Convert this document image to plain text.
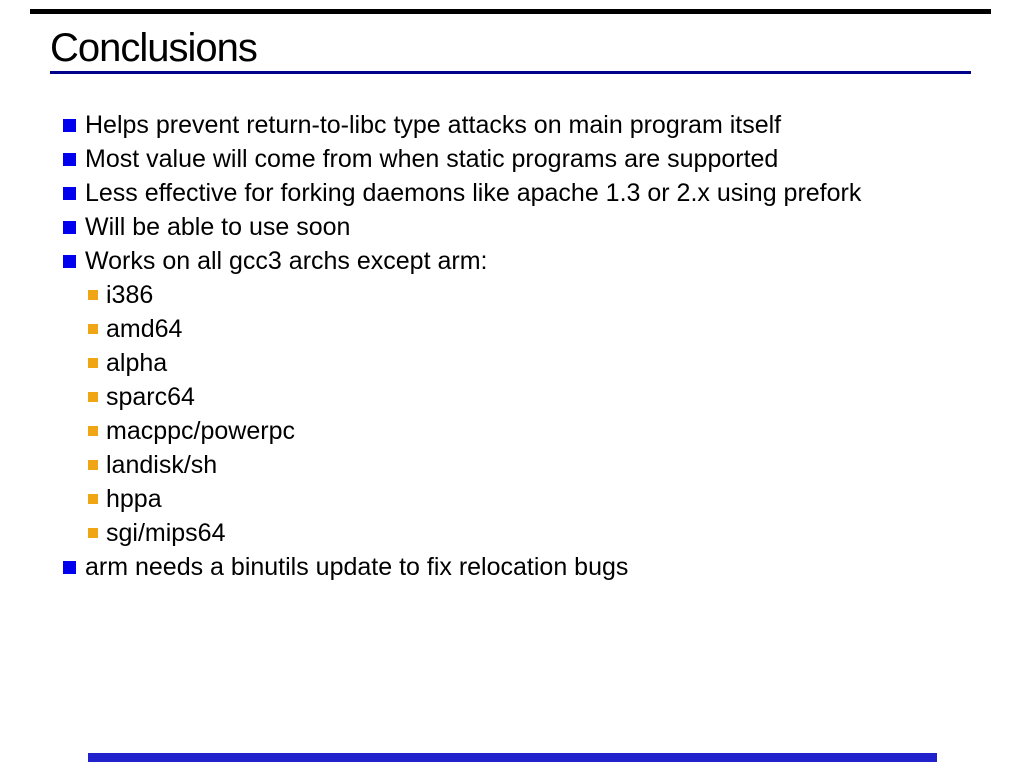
Conclusions
Helps prevent return-to-libc type attacks on main program itself
Most value will come from when static programs are supported
Less effective for forking daemons like apache 1.3 or 2.x using prefork
Will be able to use soon
Works on all gcc3 archs except arm:
i386
amd64
alpha
sparc64
macppc/powerpc
landisk/sh
hppa
sgi/mips64
arm needs a binutils update to fix relocation bugs
